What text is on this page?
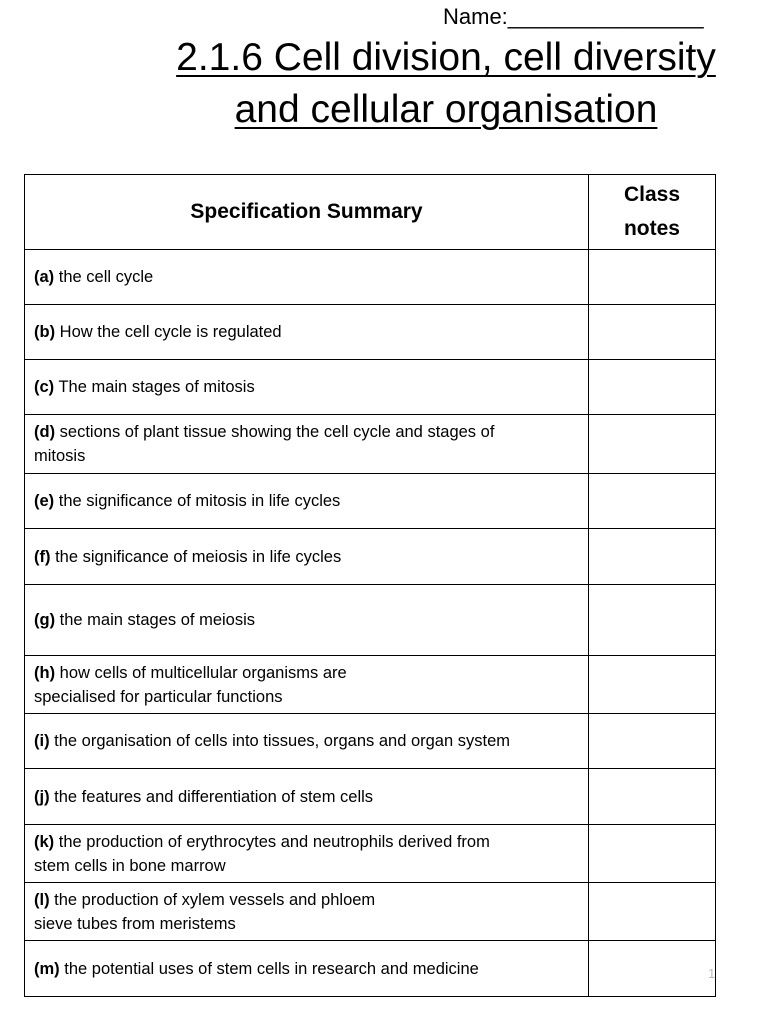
Name:________________
2.1.6 Cell division, cell diversity
and cellular organisation
Specification Summary	Class
notes
(a) the cell cycle	
(b) How the cell cycle is regulated	
(c) The main stages of mitosis	
(d) sections of plant tissue showing the cell cycle and stages of
mitosis	
(e) the significance of mitosis in life cycles	
(f) the significance of meiosis in life cycles	
(g) the main stages of meiosis	
(h) how cells of multicellular organisms are
specialised for particular functions	
(i) the organisation of cells into tissues, organs and organ system	
(j) the features and differentiation of stem cells	
(k) the production of erythrocytes and neutrophils derived from
stem cells in bone marrow	
(l) the production of xylem vessels and phloem
sieve tubes from meristems	
(m) the potential uses of stem cells in research and medicine		1
